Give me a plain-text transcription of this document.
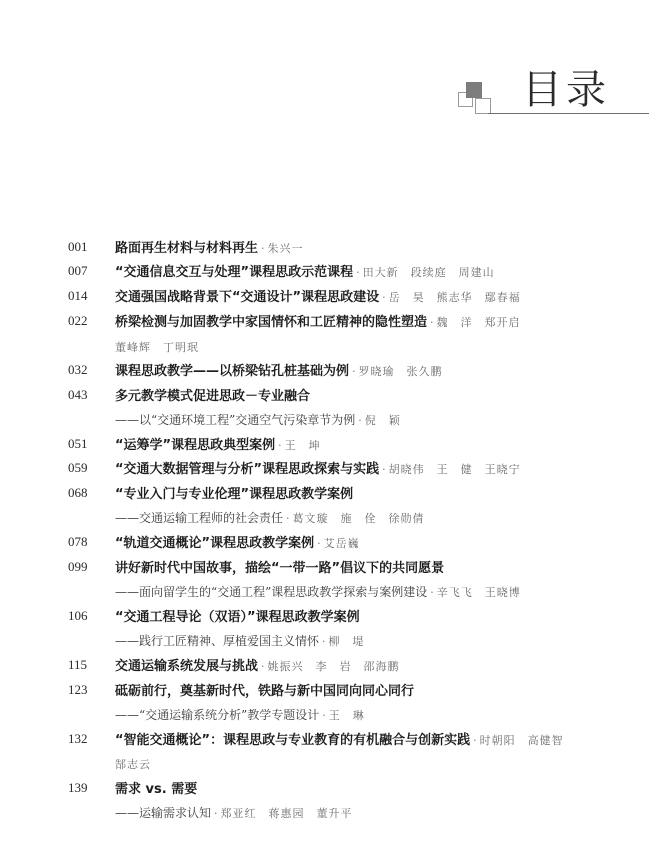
目录
001	路面再生材料与材料再生 · 朱兴一
007	“交通信息交互与处理”课程思政示范课程 · 田大新　段续庭　周建山
014	交通强国战略背景下“交通设计”课程思政建设 · 岳　昊　熊志华　鄢春福
022	桥梁检测与加固教学中家国情怀和工匠精神的隐性塑造 · 魏　洋　郑开启
董峰辉　丁明珉
032	课程思政教学——以桥梁钻孔桩基础为例 · 罗晓瑜　张久鹏
043	多元教学模式促进思政－专业融合
——以“交通环境工程”交通空气污染章节为例 · 倪　颖
051	“运筹学”课程思政典型案例 · 王　坤
059	“交通大数据管理与分析”课程思政探索与实践 · 胡晓伟　王　健　王晓宁
068	“专业入门与专业伦理”课程思政教学案例
——交通运输工程师的社会责任 · 葛文璇　施　佺　徐勋倩
078	“轨道交通概论”课程思政教学案例 · 艾岳巍
099	讲好新时代中国故事，描绘“一带一路”倡议下的共同愿景
——面向留学生的“交通工程”课程思政教学探索与案例建设 · 辛飞飞　王晓博
106	“交通工程导论（双语）”课程思政教学案例
——践行工匠精神、厚植爱国主义情怀 · 柳　堤
115	交通运输系统发展与挑战 · 姚振兴　李　岩　邵海鹏
123	砥砺前行，奠基新时代，铁路与新中国同向同心同行
——“交通运输系统分析”教学专题设计 · 王　琳
132	“智能交通概论”：课程思政与专业教育的有机融合与创新实践 · 时朝阳　高健智
郜志云
139	需求 vs. 需要
——运输需求认知 · 郑亚红　蒋惠园　董升平
